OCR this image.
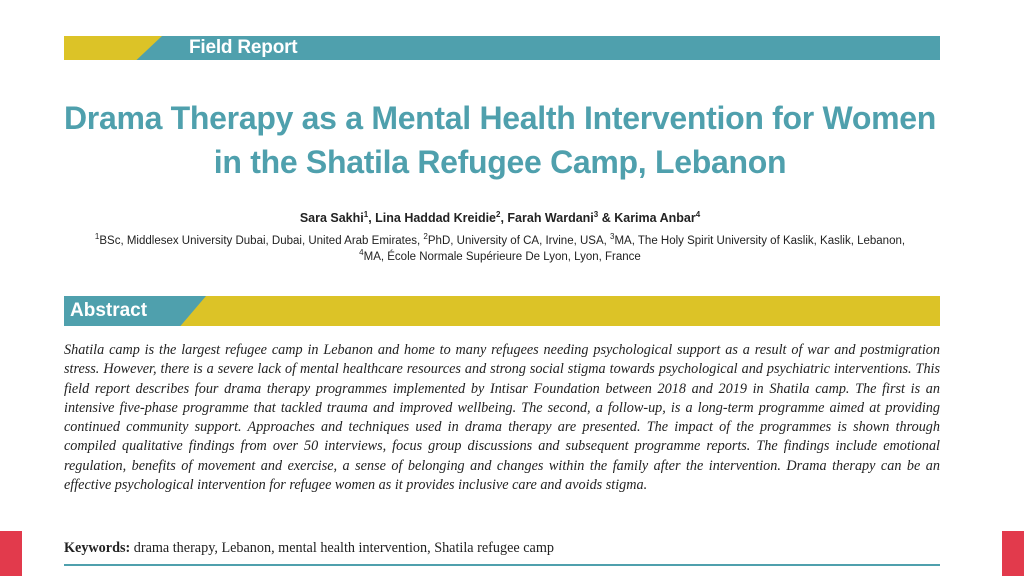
Field Report
Drama Therapy as a Mental Health Intervention for Women
in the Shatila Refugee Camp, Lebanon
Sara Sakhi$^1$, Lina Haddad Kreidie$^2$, Farah Wardani$^3$ & Karima Anbar$^4$
$^1$BSc, Middlesex University Dubai, Dubai, United Arab Emirates, $^2$PhD, University of CA, Irvine, USA, $^3$MA, The Holy Spirit University of Kaslik, Kaslik, Lebanon,
$^4$MA, École Normale Supérieure De Lyon, Lyon, France
Abstract

Shatila camp is the largest refugee camp in Lebanon and home to many refugees needing psychological support as a result of war and postmigration stress. However, there is a severe lack of mental healthcare resources and strong social stigma towards psychological and psychiatric interventions. This field report describes four drama therapy programmes implemented by Intisar Foundation between 2018 and 2019 in Shatila camp. The first is an intensive five-phase programme that tackled trauma and improved wellbeing. The second, a follow-up, is a long-term programme aimed at providing continued community support. Approaches and techniques used in drama therapy are presented. The impact of the programmes is shown through compiled qualitative findings from over 50 interviews, focus group discussions and subsequent programme reports. The findings include emotional regulation, benefits of movement and exercise, a sense of belonging and changes within the family after the intervention. Drama therapy can be an effective psychological intervention for refugee women as it provides inclusive care and avoids stigma.

Keywords: drama therapy, Lebanon, mental health intervention, Shatila refugee camp
